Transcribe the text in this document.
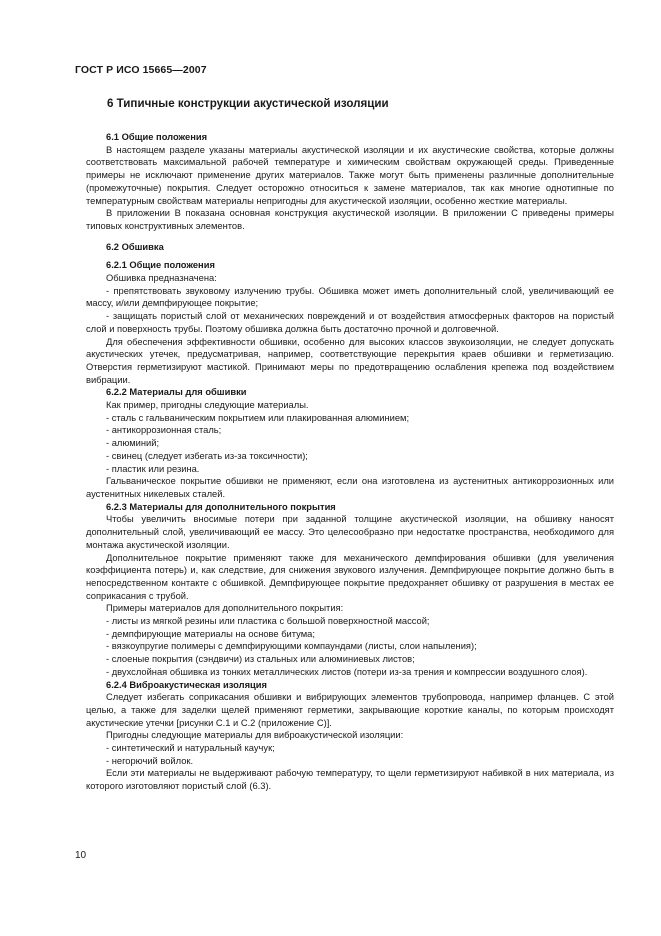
ГОСТ Р ИСО 15665—2007
6 Типичные конструкции акустической изоляции
6.1 Общие положения

В настоящем разделе указаны материалы акустической изоляции и их акустические свойства, которые должны соответствовать максимальной рабочей температуре и химическим свойствам окружающей среды. Приведенные примеры не исключают применение других материалов. Также могут быть применены различные дополнительные (промежуточные) покрытия. Следует осторожно относиться к замене материалов, так как многие однотипные по температурным свойствам материалы непригодны для акустической изоляции, особенно жесткие материалы.

В приложении В показана основная конструкция акустической изоляции. В приложении С приведены примеры типовых конструктивных элементов.

6.2 Обшивка
6.2.1 Общие положения

Обшивка предназначена:

- препятствовать звуковому излучению трубы. Обшивка может иметь дополнительный слой, увеличивающий ее массу, и/или демпфирующее покрытие;

- защищать пористый слой от механических повреждений и от воздействия атмосферных факторов на пористый слой и поверхность трубы. Поэтому обшивка должна быть достаточно прочной и долговечной.

Для обеспечения эффективности обшивки, особенно для высоких классов звукоизоляции, не следует допускать акустических утечек, предусматривая, например, соответствующие перекрытия краев обшивки и герметизацию. Отверстия герметизируют мастикой. Принимают меры по предотвращению ослабления крепежа под воздействием вибрации.

6.2.2 Материалы для обшивки

Как пример, пригодны следующие материалы.

- сталь с гальваническим покрытием или плакированная алюминием;

- антикоррозионная сталь;

- алюминий;

- свинец (следует избегать из-за токсичности);

- пластик или резина.

Гальваническое покрытие обшивки не применяют, если она изготовлена из аустенитных антикоррозионных или аустенитных никелевых сталей.

6.2.3 Материалы для дополнительного покрытия

Чтобы увеличить вносимые потери при заданной толщине акустической изоляции, на обшивку наносят дополнительный слой, увеличивающий ее массу. Это целесообразно при недостатке пространства, необходимого для монтажа акустической изоляции.

Дополнительное покрытие применяют также для механического демпфирования обшивки (для увеличения коэффициента потерь) и, как следствие, для снижения звукового излучения. Демпфирующее покрытие должно быть в непосредственном контакте с обшивкой. Демпфирующее покрытие предохраняет обшивку от разрушения в местах ее соприкасания с трубой.

Примеры материалов для дополнительного покрытия:

- листы из мягкой резины или пластика с большой поверхностной массой;

- демпфирующие материалы на основе битума;

- вязкоупругие полимеры с демпфирующими компаундами (листы, слои напыления);

- слоеные покрытия (сэндвичи) из стальных или алюминиевых листов;

- двухслойная обшивка из тонких металлических листов (потери из-за трения и компрессии воздушного слоя).

6.2.4 Виброакустическая изоляция

Следует избегать соприкасания обшивки и вибрирующих элементов трубопровода, например фланцев. С этой целью, а также для заделки щелей применяют герметики, закрывающие короткие каналы, по которым происходят акустические утечки [рисунки С.1 и С.2 (приложение С)].

Пригодны следующие материалы для виброакустической изоляции:

- синтетический и натуральный каучук;

- негорючий войлок.

Если эти материалы не выдерживают рабочую температуру, то щели герметизируют набивкой в них материала, из которого изготовляют пористый слой (6.3).

10
